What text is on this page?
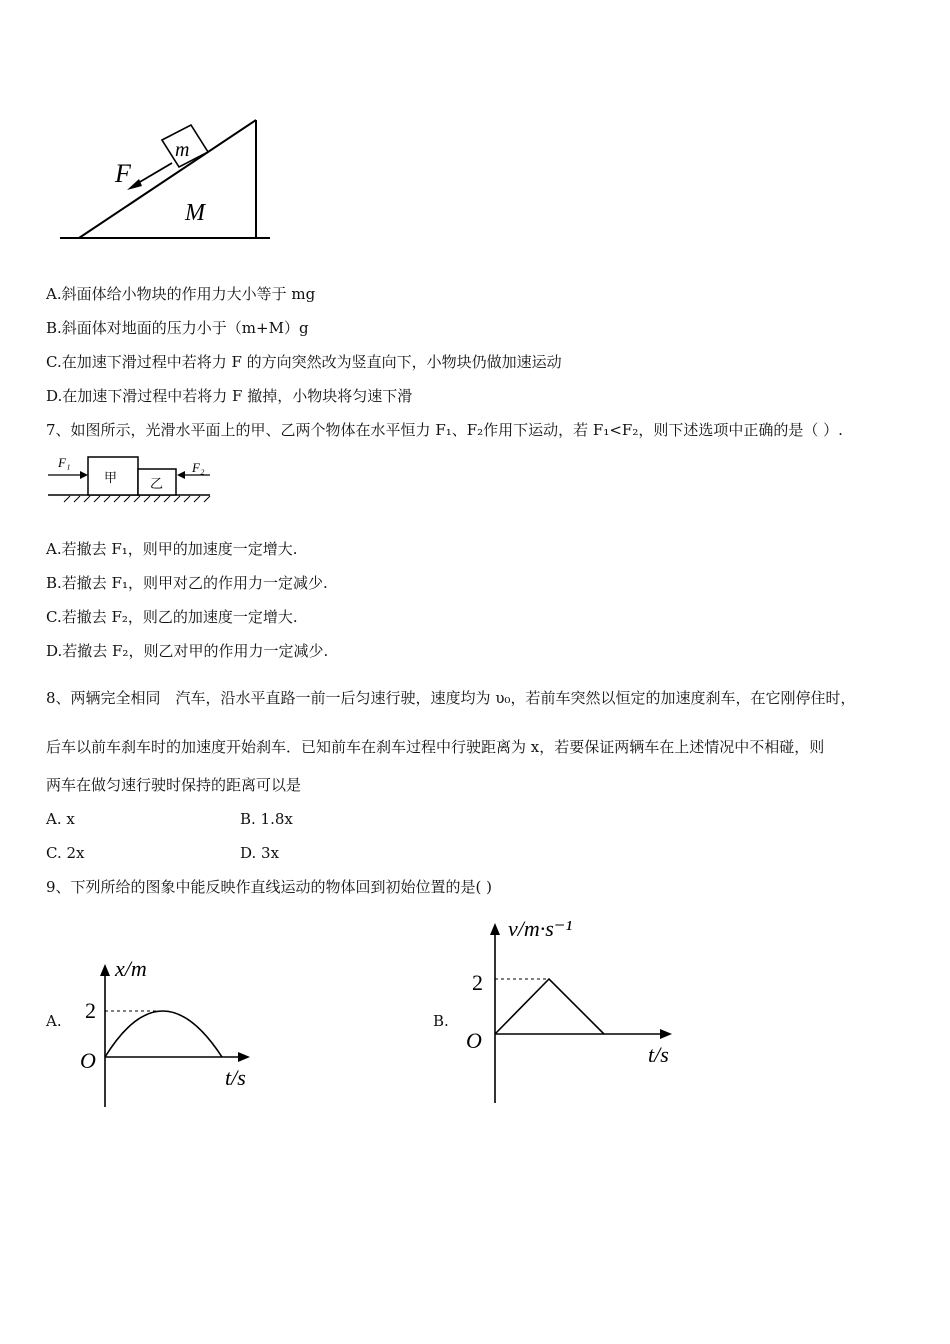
F
m
M
A.斜面体给小物块的作用力大小等于 mg
B.斜面体对地面的压力小于（m+M）g
C.在加速下滑过程中若将力 F 的方向突然改为竖直向下，小物块仍做加速运动
D.在加速下滑过程中若将力 F 撤掉，小物块将匀速下滑
7、如图所示，光滑水平面上的甲、乙两个物体在水平恒力 F₁、F₂作用下运动，若 F₁<F₂，则下述选项中正确的是（ ）.
甲	乙
F₁	F₂
A.若撤去 F₁，则甲的加速度一定增大.
B.若撤去 F₁，则甲对乙的作用力一定减少.
C.若撤去 F₂，则乙的加速度一定增大.
D.若撤去 F₂，则乙对甲的作用力一定减少.
8、两辆完全相同　汽车，沿水平直路一前一后匀速行驶，速度均为 υ₀，若前车突然以恒定的加速度刹车，在它刚停住时，
后车以前车刹车时的加速度开始刹车．已知前车在刹车过程中行驶距离为 x，若要保证两辆车在上述情况中不相碰，则
两车在做匀速行驶时保持的距离可以是
A. x	B. 1.8x
C. 2x	D. 3x
9、下列所给的图象中能反映作直线运动的物体回到初始位置的是( )
A. 2
O
x/m
t/s
B.
2
O
v/m·s⁻¹
t/s
